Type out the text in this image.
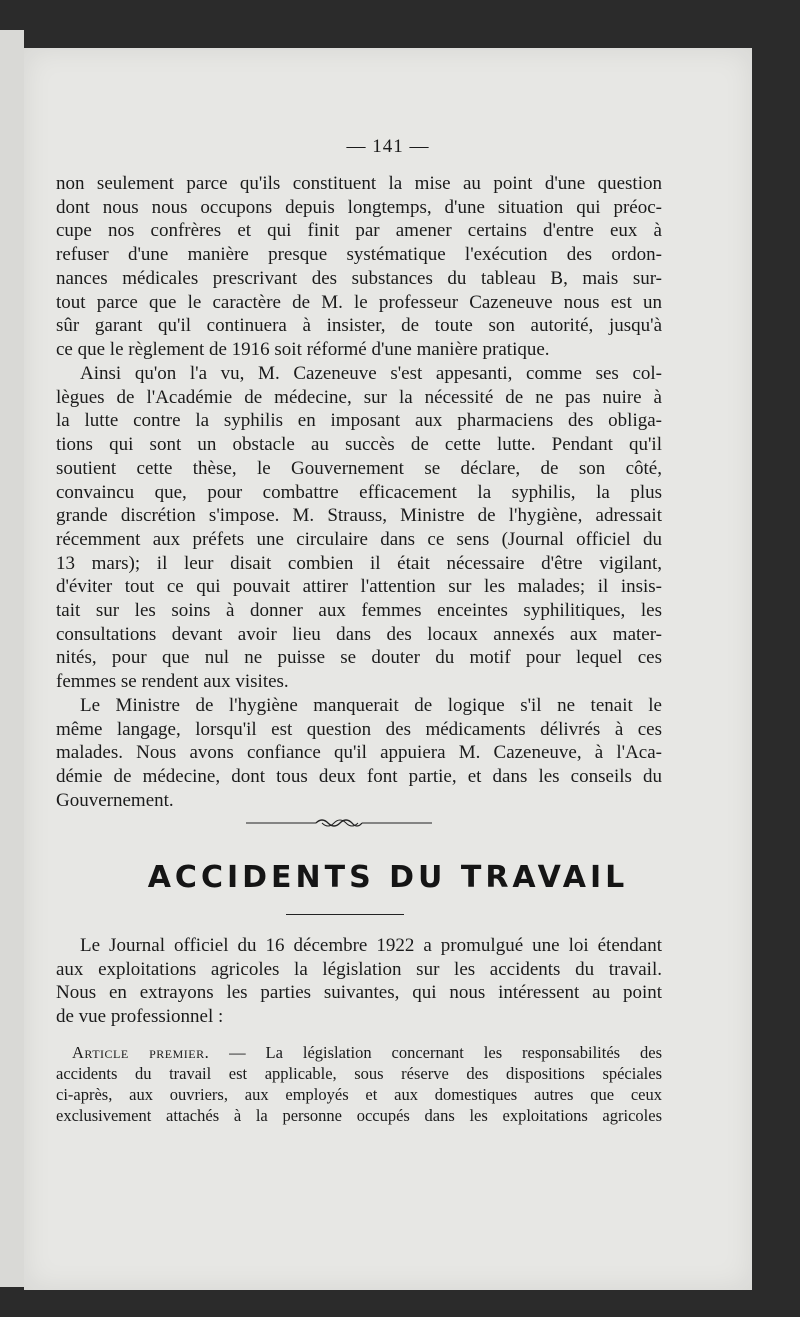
— 141 —
non seulement parce qu'ils constituent la mise au point d'une question
dont nous nous occupons depuis longtemps, d'une situation qui préoc-
cupe nos confrères et qui finit par amener certains d'entre eux à
refuser d'une manière presque systématique l'exécution des ordon-
nances médicales prescrivant des substances du tableau B, mais sur-
tout parce que le caractère de M. le professeur Cazeneuve nous est un
sûr garant qu'il continuera à insister, de toute son autorité, jusqu'à
ce que le règlement de 1916 soit réformé d'une manière pratique.
Ainsi qu'on l'a vu, M. Cazeneuve s'est appesanti, comme ses col-
lègues de l'Académie de médecine, sur la nécessité de ne pas nuire à
la lutte contre la syphilis en imposant aux pharmaciens des obliga-
tions qui sont un obstacle au succès de cette lutte. Pendant qu'il
soutient cette thèse, le Gouvernement se déclare, de son côté,
convaincu que, pour combattre efficacement la syphilis, la plus
grande discrétion s'impose. M. Strauss, Ministre de l'hygiène, adressait
récemment aux préfets une circulaire dans ce sens (Journal officiel du
13 mars); il leur disait combien il était nécessaire d'être vigilant,
d'éviter tout ce qui pouvait attirer l'attention sur les malades; il insis-
tait sur les soins à donner aux femmes enceintes syphilitiques, les
consultations devant avoir lieu dans des locaux annexés aux mater-
nités, pour que nul ne puisse se douter du motif pour lequel ces
femmes se rendent aux visites.
Le Ministre de l'hygiène manquerait de logique s'il ne tenait le
même langage, lorsqu'il est question des médicaments délivrés à ces
malades. Nous avons confiance qu'il appuiera M. Cazeneuve, à l'Aca-
démie de médecine, dont tous deux font partie, et dans les conseils du
Gouvernement.
ACCIDENTS DU TRAVAIL
Le Journal officiel du 16 décembre 1922 a promulgué une loi étendant
aux exploitations agricoles la législation sur les accidents du travail.
Nous en extrayons les parties suivantes, qui nous intéressent au point
de vue professionnel :
Article premier. — La législation concernant les responsabilités des
accidents du travail est applicable, sous réserve des dispositions spéciales
ci-après, aux ouvriers, aux employés et aux domestiques autres que ceux
exclusivement attachés à la personne occupés dans les exploitations agricoles
